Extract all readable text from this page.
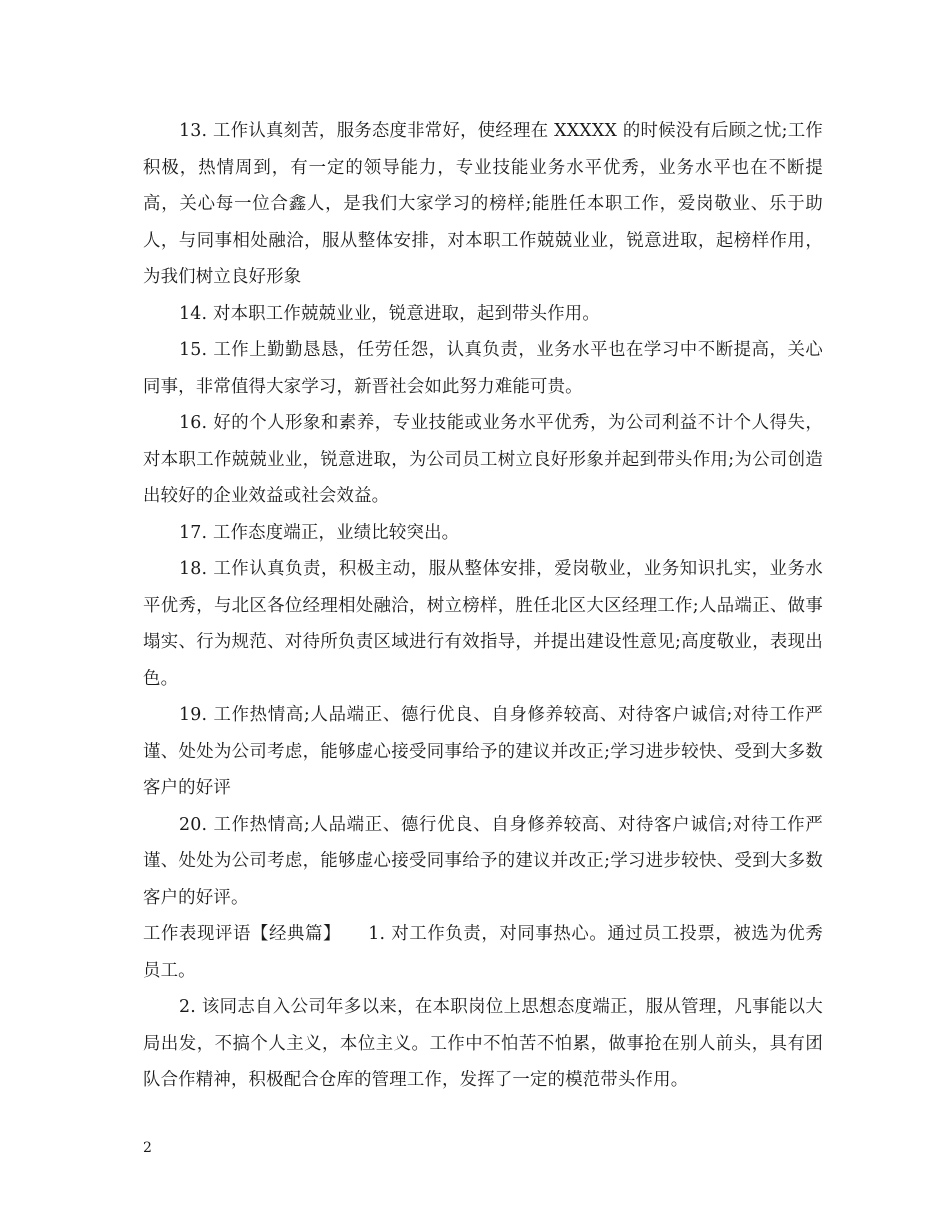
13. 工作认真刻苦，服务态度非常好，使经理在 XXXXX 的时候没有后顾之忧;工作积极，热情周到，有一定的领导能力，专业技能业务水平优秀，业务水平也在不断提高，关心每一位合鑫人，是我们大家学习的榜样;能胜任本职工作，爱岗敬业、乐于助人，与同事相处融洽，服从整体安排，对本职工作兢兢业业，锐意进取，起榜样作用，为我们树立良好形象

14. 对本职工作兢兢业业，锐意进取，起到带头作用。

15. 工作上勤勤恳恳，任劳任怨，认真负责，业务水平也在学习中不断提高，关心同事，非常值得大家学习，新晋社会如此努力难能可贵。

16. 好的个人形象和素养，专业技能或业务水平优秀，为公司利益不计个人得失，对本职工作兢兢业业，锐意进取，为公司员工树立良好形象并起到带头作用;为公司创造出较好的企业效益或社会效益。

17. 工作态度端正，业绩比较突出。

18. 工作认真负责，积极主动，服从整体安排，爱岗敬业，业务知识扎实，业务水平优秀，与北区各位经理相处融洽，树立榜样，胜任北区大区经理工作;人品端正、做事塌实、行为规范、对待所负责区域进行有效指导，并提出建设性意见;高度敬业，表现出色。

19. 工作热情高;人品端正、德行优良、自身修养较高、对待客户诚信;对待工作严谨、处处为公司考虑，能够虚心接受同事给予的建议并改正;学习进步较快、受到大多数客户的好评

20. 工作热情高;人品端正、德行优良、自身修养较高、对待客户诚信;对待工作严谨、处处为公司考虑，能够虚心接受同事给予的建议并改正;学习进步较快、受到大多数客户的好评。

工作表现评语【经典篇】　　1. 对工作负责，对同事热心。通过员工投票，被选为优秀员工。

2. 该同志自入公司年多以来，在本职岗位上思想态度端正，服从管理，凡事能以大局出发，不搞个人主义，本位主义。工作中不怕苦不怕累，做事抢在别人前头，具有团队合作精神，积极配合仓库的管理工作，发挥了一定的模范带头作用。

2
